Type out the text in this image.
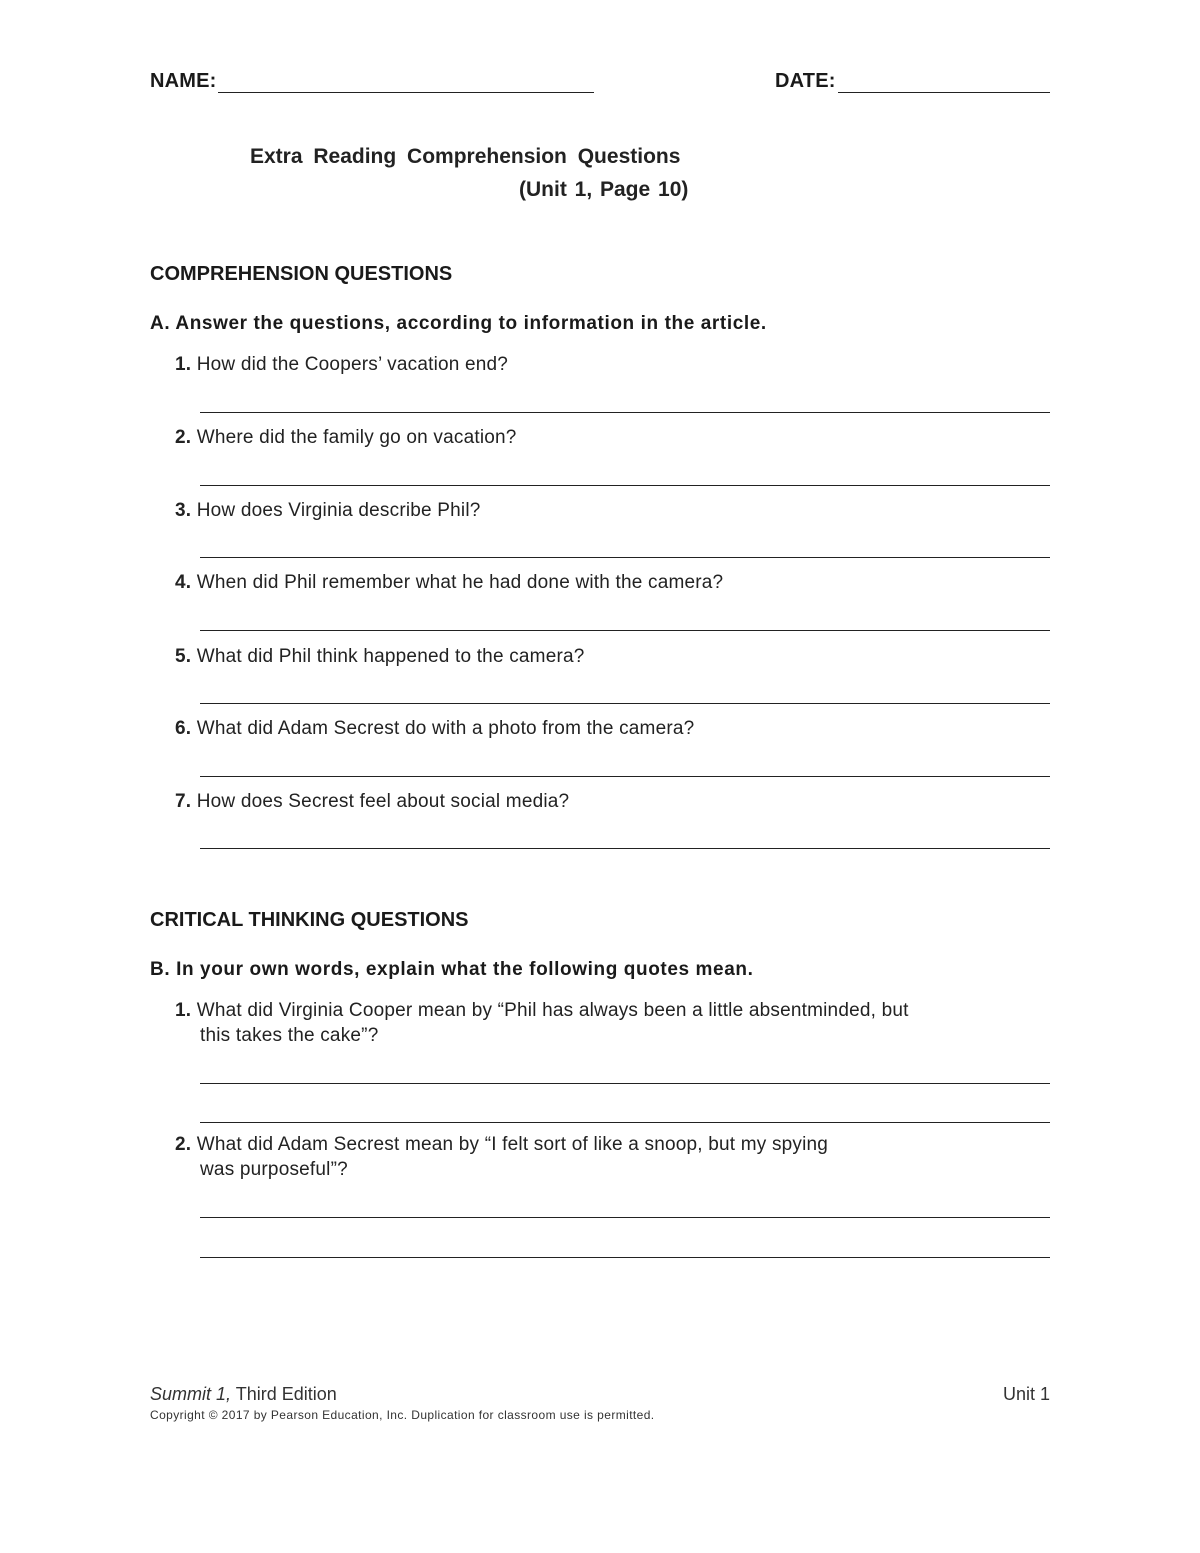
NAME:	DATE:
Extra Reading Comprehension Questions
(Unit 1, Page 10)
COMPREHENSION QUESTIONS
A. Answer the questions, according to information in the article.
1. How did the Coopers’ vacation end?
2. Where did the family go on vacation?
3. How does Virginia describe Phil?
4. When did Phil remember what he had done with the camera?
5. What did Phil think happened to the camera?
6. What did Adam Secrest do with a photo from the camera?
7. How does Secrest feel about social media?
CRITICAL THINKING QUESTIONS
B. In your own words, explain what the following quotes mean.
1. What did Virginia Cooper mean by “Phil has always been a little absentminded, but
this takes the cake”?
2. What did Adam Secrest mean by “I felt sort of like a snoop, but my spying
was purposeful”?
Summit 1, Third Edition	Unit 1
Copyright © 2017 by Pearson Education, Inc. Duplication for classroom use is permitted.
